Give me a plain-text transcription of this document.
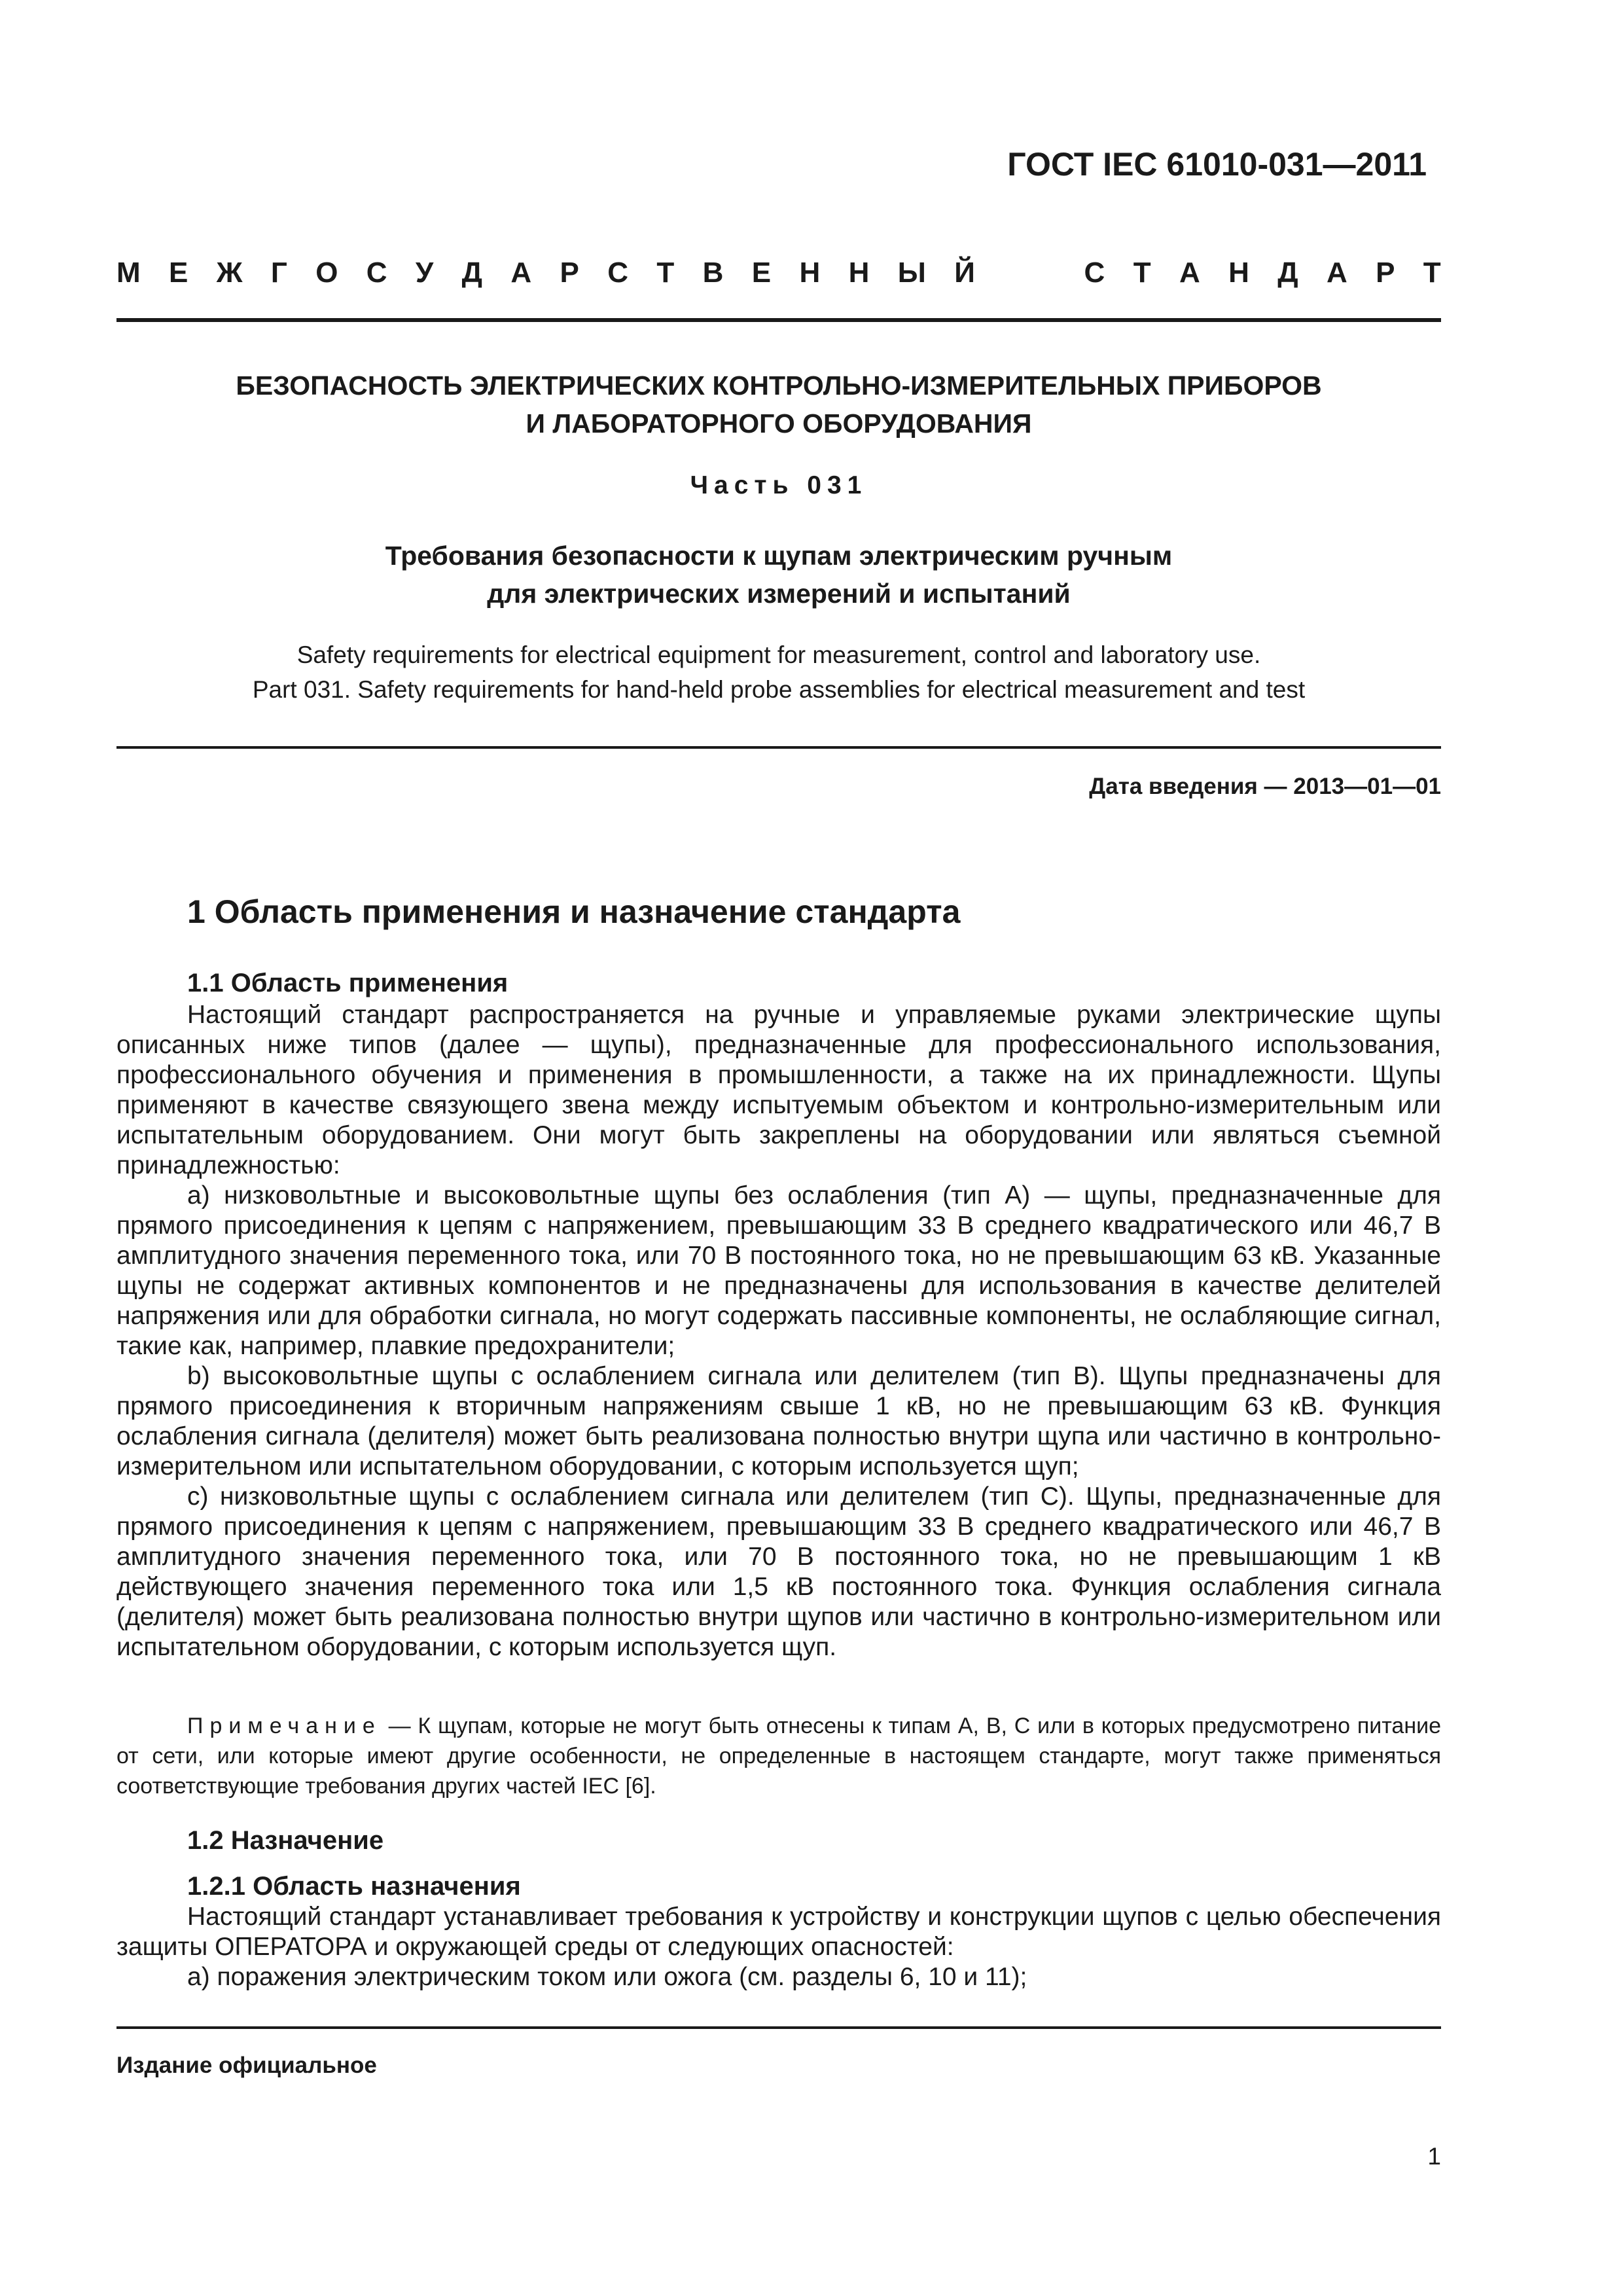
ГОСТ IEC 61010-031—2011
М Е Ж Г О С У Д А Р С Т В Е Н Н Ы Й	С Т А Н Д А Р Т
БЕЗОПАСНОСТЬ ЭЛЕКТРИЧЕСКИХ КОНТРОЛЬНО-ИЗМЕРИТЕЛЬНЫХ ПРИБОРОВ
И ЛАБОРАТОРНОГО ОБОРУДОВАНИЯ
Часть 031
Требования безопасности к щупам электрическим ручным
для электрических измерений и испытаний
Safety requirements for electrical equipment for measurement, control and laboratory use.
Part 031. Safety requirements for hand-held probe assemblies for electrical measurement and test
Дата введения — 2013—01—01
1 Область применения и назначение стандарта
1.1 Область применения

Настоящий стандарт распространяется на ручные и управляемые руками электрические щупы описанных ниже типов (далее — щупы), предназначенные для профессионального использования, профессионального обучения и применения в промышленности, а также на их принадлежности. Щупы применяют в качестве связующего звена между испытуемым объектом и контрольно-измерительным или испытательным оборудованием. Они могут быть закреплены на оборудовании или являться съемной принадлежностью:

a) низковольтные и высоковольтные щупы без ослабления (тип А) — щупы, предназначенные для прямого присоединения к цепям с напряжением, превышающим 33 В среднего квадратического или 46,7 В амплитудного значения переменного тока, или 70 В постоянного тока, но не превышающим 63 кВ. Указанные щупы не содержат активных компонентов и не предназначены для использования в качестве делителей напряжения или для обработки сигнала, но могут содержать пассивные компоненты, не ослабляющие сигнал, такие как, например, плавкие предохранители;

b) высоковольтные щупы с ослаблением сигнала или делителем (тип В). Щупы предназначены для прямого присоединения к вторичным напряжениям свыше 1 кВ, но не превышающим 63 кВ. Функция ослабления сигнала (делителя) может быть реализована полностью внутри щупа или частично в контрольно-измерительном или испытательном оборудовании, с которым используется щуп;

c) низковольтные щупы с ослаблением сигнала или делителем (тип С). Щупы, предназначенные для прямого присоединения к цепям с напряжением, превышающим 33 В среднего квадратического или 46,7 В амплитудного значения переменного тока, или 70 В постоянного тока, но не превышающим 1 кВ действующего значения переменного тока или 1,5 кВ постоянного тока. Функция ослабления сигнала (делителя) может быть реализована полностью внутри щупов или частично в контрольно-измерительном или испытательном оборудовании, с которым используется щуп.

Примечание — К щупам, которые не могут быть отнесены к типам А, В, С или в которых предусмотрено питание от сети, или которые имеют другие особенности, не определенные в настоящем стандарте, могут также применяться соответствующие требования других частей IEC [6].
1.2 Назначение
1.2.1 Область назначения

Настоящий стандарт устанавливает требования к устройству и конструкции щупов с целью обеспечения защиты ОПЕРАТОРА и окружающей среды от следующих опасностей:

a) поражения электрическим током или ожога (см. разделы 6, 10 и 11);

Издание официальное
1
